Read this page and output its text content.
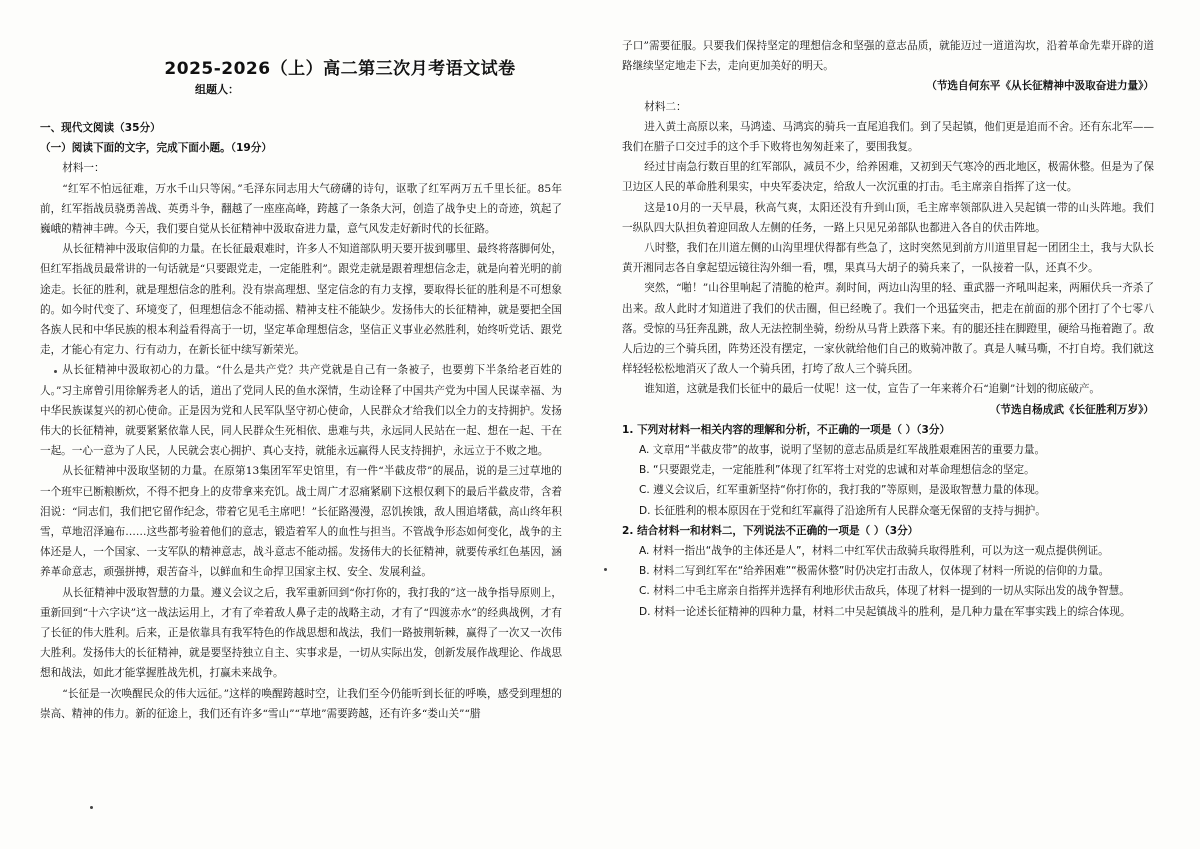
2025-2026（上）高二第三次月考语文试卷
组题人：

一、现代文阅读（35分）

（一）阅读下面的文字，完成下面小题。（19分）

材料一：

“红军不怕远征难，万水千山只等闲。”毛泽东同志用大气磅礴的诗句，讴歌了红军两万五千里长征。85年前，红军指战员骁勇善战、英勇斗争，翻越了一座座高峰，跨越了一条条大河，创造了战争史上的奇迹，筑起了巍峨的精神丰碑。今天，我们要自觉从长征精神中汲取奋进力量，意气风发走好新时代的长征路。

从长征精神中汲取信仰的力量。在长征最艰难时，许多人不知道部队明天要开拔到哪里、最终将落脚何处，但红军指战员最常讲的一句话就是“只要跟党走，一定能胜利”。跟党走就是跟着理想信念走，就是向着光明的前途走。长征的胜利，就是理想信念的胜利。没有崇高理想、坚定信念的有力支撑，要取得长征的胜利是不可想象的。如今时代变了、环境变了，但理想信念不能动摇、精神支柱不能缺少。发扬伟大的长征精神，就是要把全国各族人民和中华民族的根本利益看得高于一切，坚定革命理想信念，坚信正义事业必然胜利，始终听党话、跟党走，才能心有定力、行有动力，在新长征中续写新荣光。

从长征精神中汲取初心的力量。“什么是共产党？共产党就是自己有一条被子，也要剪下半条给老百姓的人。”习主席曾引用徐解秀老人的话，道出了党同人民的鱼水深情，生动诠释了中国共产党为中国人民谋幸福、为中华民族谋复兴的初心使命。正是因为党和人民军队坚守初心使命，人民群众才给我们以全力的支持拥护。发扬伟大的长征精神，就要紧紧依靠人民，同人民群众生死相依、患难与共，永远同人民站在一起、想在一起、干在一起。一心一意为了人民，人民就会衷心拥护、真心支持，就能永远赢得人民支持拥护，永远立于不败之地。

从长征精神中汲取坚韧的力量。在原第13集团军军史馆里，有一件“半截皮带”的展品，说的是三过草地的一个班牢已断粮断炊，不得不把身上的皮带拿来充饥。战士周广才忍痛紧刷下这根仅剩下的最后半截皮带，含着泪说：“同志们，我们把它留作纪念，带着它见毛主席吧！”长征路漫漫，忍饥挨饿，敌人围追堵截，高山终年积雪，草地沼泽遍布……这些都考验着他们的意志，锻造着军人的血性与担当。不管战争形态如何变化，战争的主体还是人，一个国家、一支军队的精神意志，战斗意志不能动摇。发扬伟大的长征精神，就要传承红色基因，涵养革命意志，顽强拼搏，艰苦奋斗，以鲜血和生命捍卫国家主权、安全、发展利益。

从长征精神中汲取智慧的力量。遵义会议之后，我军重新回到“你打你的，我打我的”这一战争指导原则上，重新回到“十六字诀”这一战法运用上，才有了牵着敌人鼻子走的战略主动，才有了“四渡赤水”的经典战例，才有了长征的伟大胜利。后来，正是依靠具有我军特色的作战思想和战法，我们一路披荆斩棘，赢得了一次又一次伟大胜利。发扬伟大的长征精神，就是要坚持独立自主、实事求是，一切从实际出发，创新发展作战理论、作战思想和战法，如此才能掌握胜战先机，打赢未来战争。

“长征是一次唤醒民众的伟大远征。”这样的唤醒跨越时空，让我们至今仍能听到长征的呼唤，感受到理想的崇高、精神的伟力。新的征途上，我们还有许多“雪山”“草地”需要跨越，还有许多“娄山关”“腊

子口”需要征服。只要我们保持坚定的理想信念和坚强的意志品质，就能迈过一道道沟坎，沿着革命先辈开辟的道路继续坚定地走下去，走向更加美好的明天。

（节选自何东平《从长征精神中汲取奋进力量》）

材料二：

进入黄土高原以来，马鸿逵、马鸿宾的骑兵一直尾追我们。到了吴起镇，他们更是追而不舍。还有东北军——我们在腊子口交过手的这个手下败将也匆匆赶来了，要围我复。

经过甘南急行数百里的红军部队，减员不少，给养困难，又初到天气寒冷的西北地区，极需休整。但是为了保卫边区人民的革命胜利果实，中央军委决定，给敌人一次沉重的打击。毛主席亲自指挥了这一仗。

这是10月的一天早晨，秋高气爽，太阳还没有升到山顶，毛主席率领部队进入吴起镇一带的山头阵地。我们一纵队四大队担负着迎回敌人左侧的任务，一路上只见兄弟部队也都进入各自的伏击阵地。

八时整，我们在川道左侧的山沟里埋伏得都有些急了，这时突然见到前方川道里冒起一团团尘土，我与大队长黄开湘同志各自拿起望远镜往沟外细一看，嘿，果真马大胡子的骑兵来了，一队接着一队，还真不少。

突然，“啪！”山谷里响起了清脆的枪声。刹时间，两边山沟里的轻、重武器一齐吼叫起来，两厢伏兵一齐杀了出来。敌人此时才知道进了我们的伏击圈，但已经晚了。我们一个迅猛突击，把走在前面的那个团打了个七零八落。受惊的马狂奔乱跳，敌人无法控制坐骑，纷纷从马背上跌落下来。有的腿还挂在脚蹬里，硬给马拖着跑了。敌人后边的三个骑兵团，阵势还没有摆定，一家伙就给他们自己的败骑冲散了。真是人喊马嘶，不打自垮。我们就这样轻轻松松地消灭了敌人一个骑兵团，打垮了敌人三个骑兵团。

谁知道，这就是我们长征中的最后一仗呢！这一仗，宣告了一年来蒋介石“追剿”计划的彻底破产。

（节选自杨成武《长征胜利万岁》）

1. 下列对材料一相关内容的理解和分析，不正确的一项是（ ）（3分）

A. 文章用“半截皮带”的故事，说明了坚韧的意志品质是红军战胜艰难困苦的重要力量。

B. “只要跟党走，一定能胜利”体现了红军将士对党的忠诚和对革命理想信念的坚定。

C. 遵义会议后，红军重新坚持“你打你的，我打我的”等原则，是汲取智慧力量的体现。

D. 长征胜利的根本原因在于党和红军赢得了沿途所有人民群众毫无保留的支持与拥护。

2. 结合材料一和材料二，下列说法不正确的一项是（ ）（3分）

A. 材料一指出“战争的主体还是人”，材料二中红军伏击敌骑兵取得胜利，可以为这一观点提供例证。

B. 材料二写到红军在“给养困难”“极需休整”时仍决定打击敌人，仅体现了材料一所说的信仰的力量。

C. 材料二中毛主席亲自指挥并选择有利地形伏击敌兵，体现了材料一提到的一切从实际出发的战争智慧。

D. 材料一论述长征精神的四种力量，材料二中吴起镇战斗的胜利，是几种力量在军事实践上的综合体现。
